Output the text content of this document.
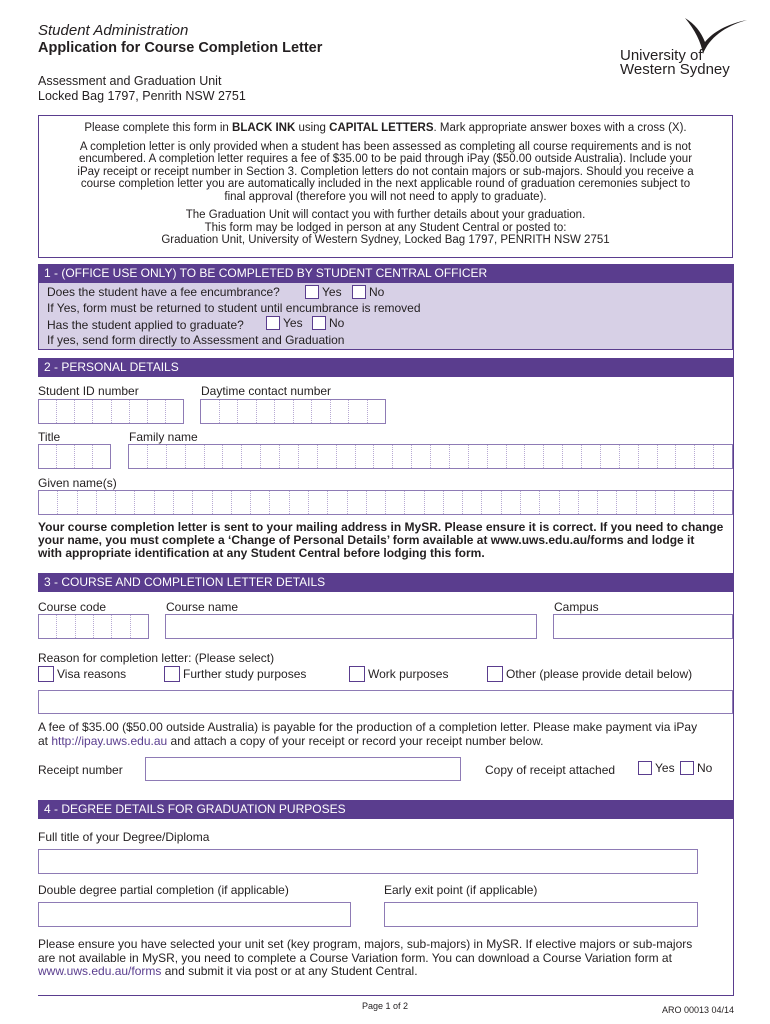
Student Administration
Application for Course Completion Letter
Assessment and Graduation Unit
Locked Bag 1797, Penrith NSW 2751
University of
Western Sydney

Please complete this form in BLACK INK using CAPITAL LETTERS. Mark appropriate answer boxes with a cross (X).

A completion letter is only provided when a student has been assessed as completing all course requirements and is not
encumbered. A completion letter requires a fee of $35.00 to be paid through iPay ($50.00 outside Australia). Include your
iPay receipt or receipt number in Section 3. Completion letters do not contain majors or sub-majors. Should you receive a
course completion letter you are automatically included in the next applicable round of graduation ceremonies subject to
final approval (therefore you will not need to apply to graduate).

The Graduation Unit will contact you with further details about your graduation.
This form may be lodged in person at any Student Central or posted to:
Graduation Unit, University of Western Sydney, Locked Bag 1797, PENRITH NSW 2751

1 - (OFFICE USE ONLY) TO BE COMPLETED BY STUDENT CENTRAL OFFICER
Does the student have a fee encumbrance?	Yes No
If Yes, form must be returned to student until encumbrance is removed
Has the student applied to graduate?	Yes No
If yes, send form directly to Assessment and Graduation
2 - PERSONAL DETAILS
Student ID number	Daytime contact number
Title	Family name
Given name(s)
Your course completion letter is sent to your mailing address in MySR. Please ensure it is correct. If you need to change
your name, you must complete a ‘Change of Personal Details’ form available at www.uws.edu.au/forms and lodge it
with appropriate identification at any Student Central before lodging this form.
3 - COURSE AND COMPLETION LETTER DETAILS
Course code	Course name	Campus
Reason for completion letter: (Please select)
Visa reasons	Further study purposes	Work purposes	Other (please provide detail below)
A fee of $35.00 ($50.00 outside Australia) is payable for the production of a completion letter. Please make payment via iPay
at http://ipay.uws.edu.au and attach a copy of your receipt or record your receipt number below.
Receipt number	Copy of receipt attached	Yes No
4 - DEGREE DETAILS FOR GRADUATION PURPOSES
Full title of your Degree/Diploma
Double degree partial completion (if applicable)	Early exit point (if applicable)
Please ensure you have selected your unit set (key program, majors, sub-majors) in MySR. If elective majors or sub-majors
are not available in MySR, you need to complete a Course Variation form. You can download a Course Variation form at
www.uws.edu.au/forms and submit it via post or at any Student Central.
Page 1 of 2	ARO 00013 04/14
